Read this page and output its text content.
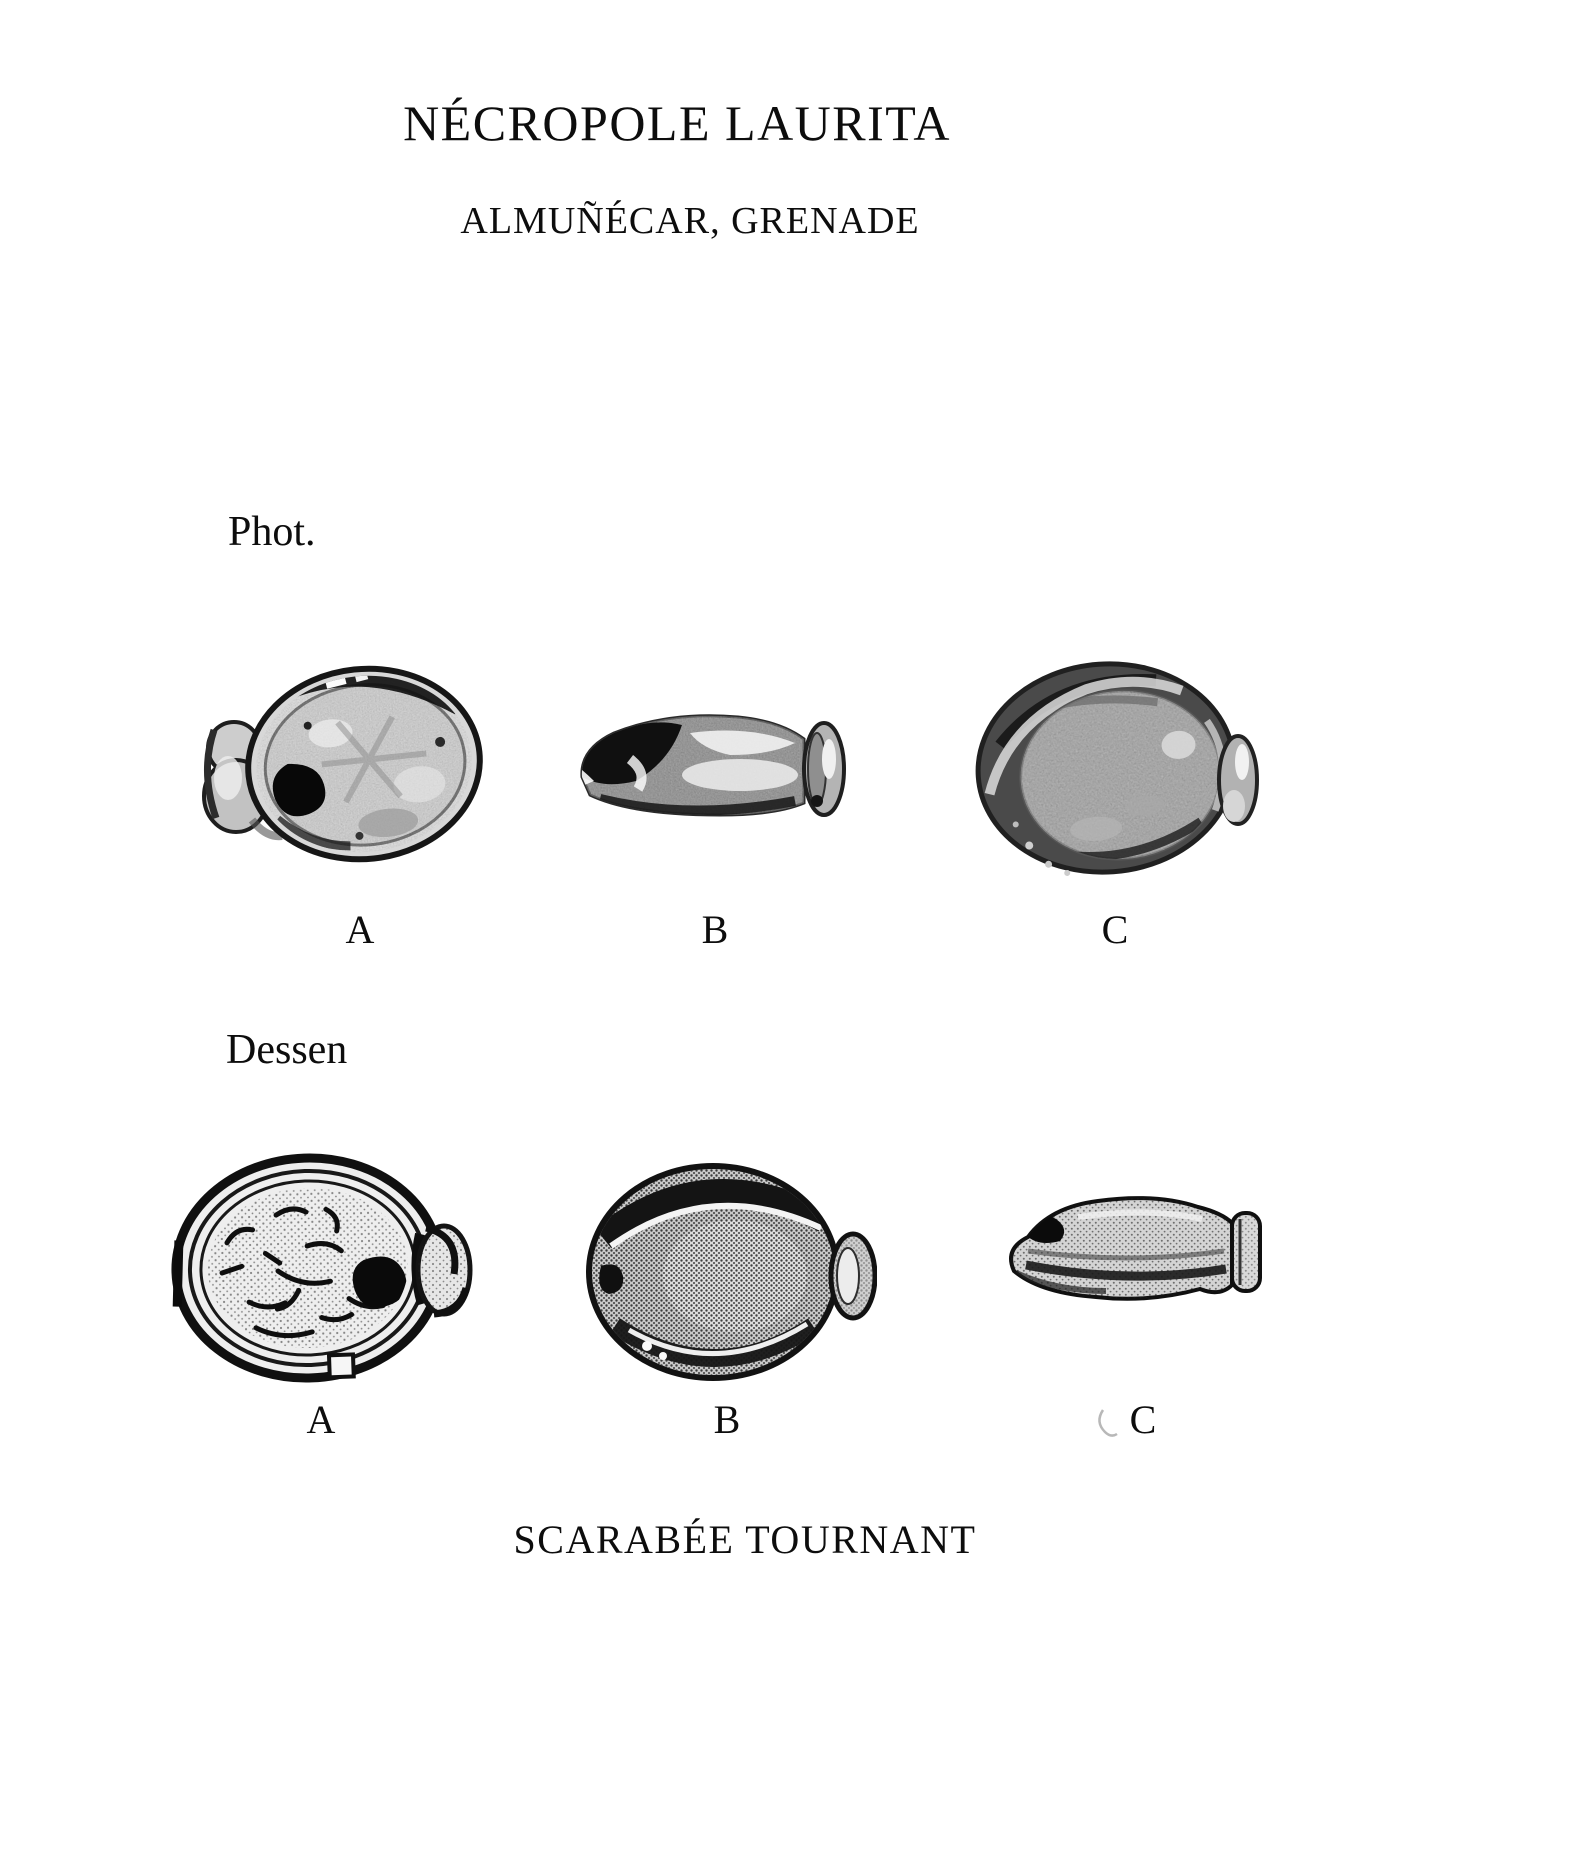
NÉCROPOLE LAURITA
ALMUÑÉCAR, GRENADE
Phot.
A	B	C
Dessen
A	B	C
SCARABÉE TOURNANT
